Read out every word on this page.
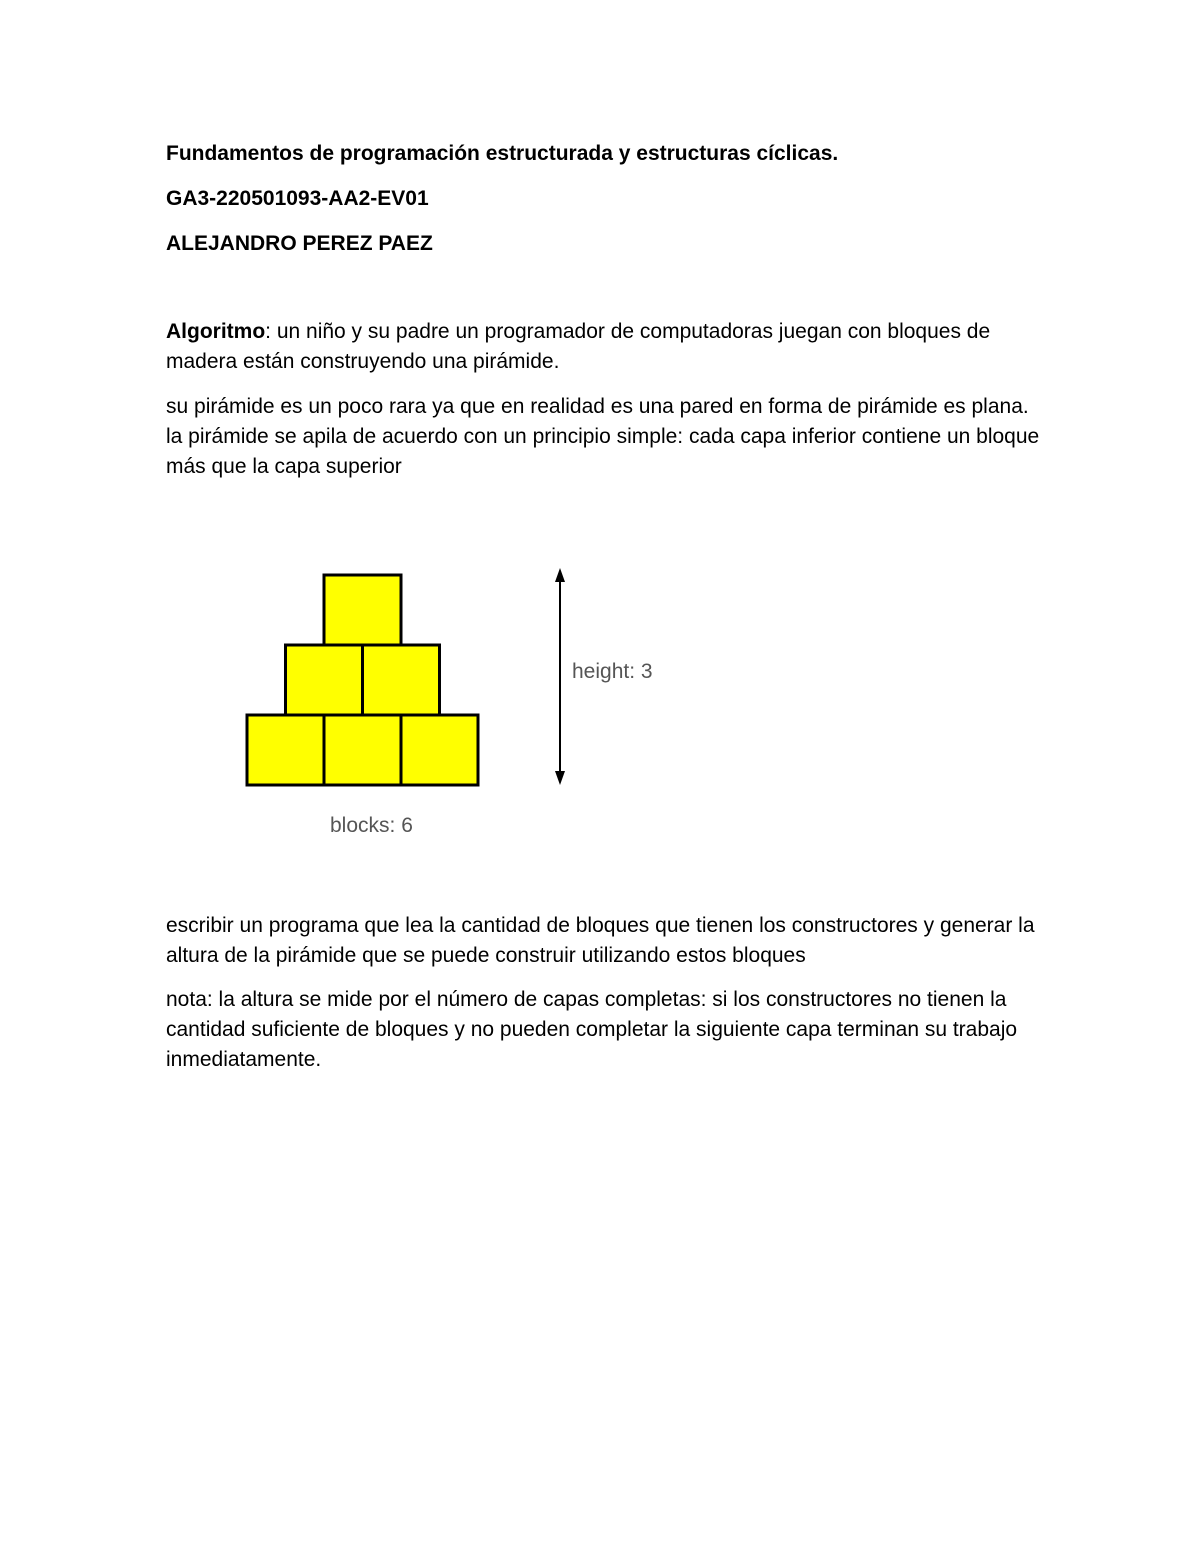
Fundamentos de programación estructurada y estructuras cíclicas.
GA3-220501093-AA2-EV01
ALEJANDRO PEREZ PAEZ
Algoritmo: un niño y su padre un programador de computadoras juegan con bloques de madera están construyendo una pirámide.
su pirámide es un poco rara ya que en realidad es una pared en forma de pirámide es plana. la pirámide se apila de acuerdo con un principio simple: cada capa inferior contiene un bloque más que la capa superior
height: 3
blocks: 6
escribir un programa que lea la cantidad de bloques que tienen los constructores y generar la altura de la pirámide que se puede construir utilizando estos bloques
nota: la altura se mide por el número de capas completas: si los constructores no tienen la cantidad suficiente de bloques y no pueden completar la siguiente capa terminan su trabajo inmediatamente.
